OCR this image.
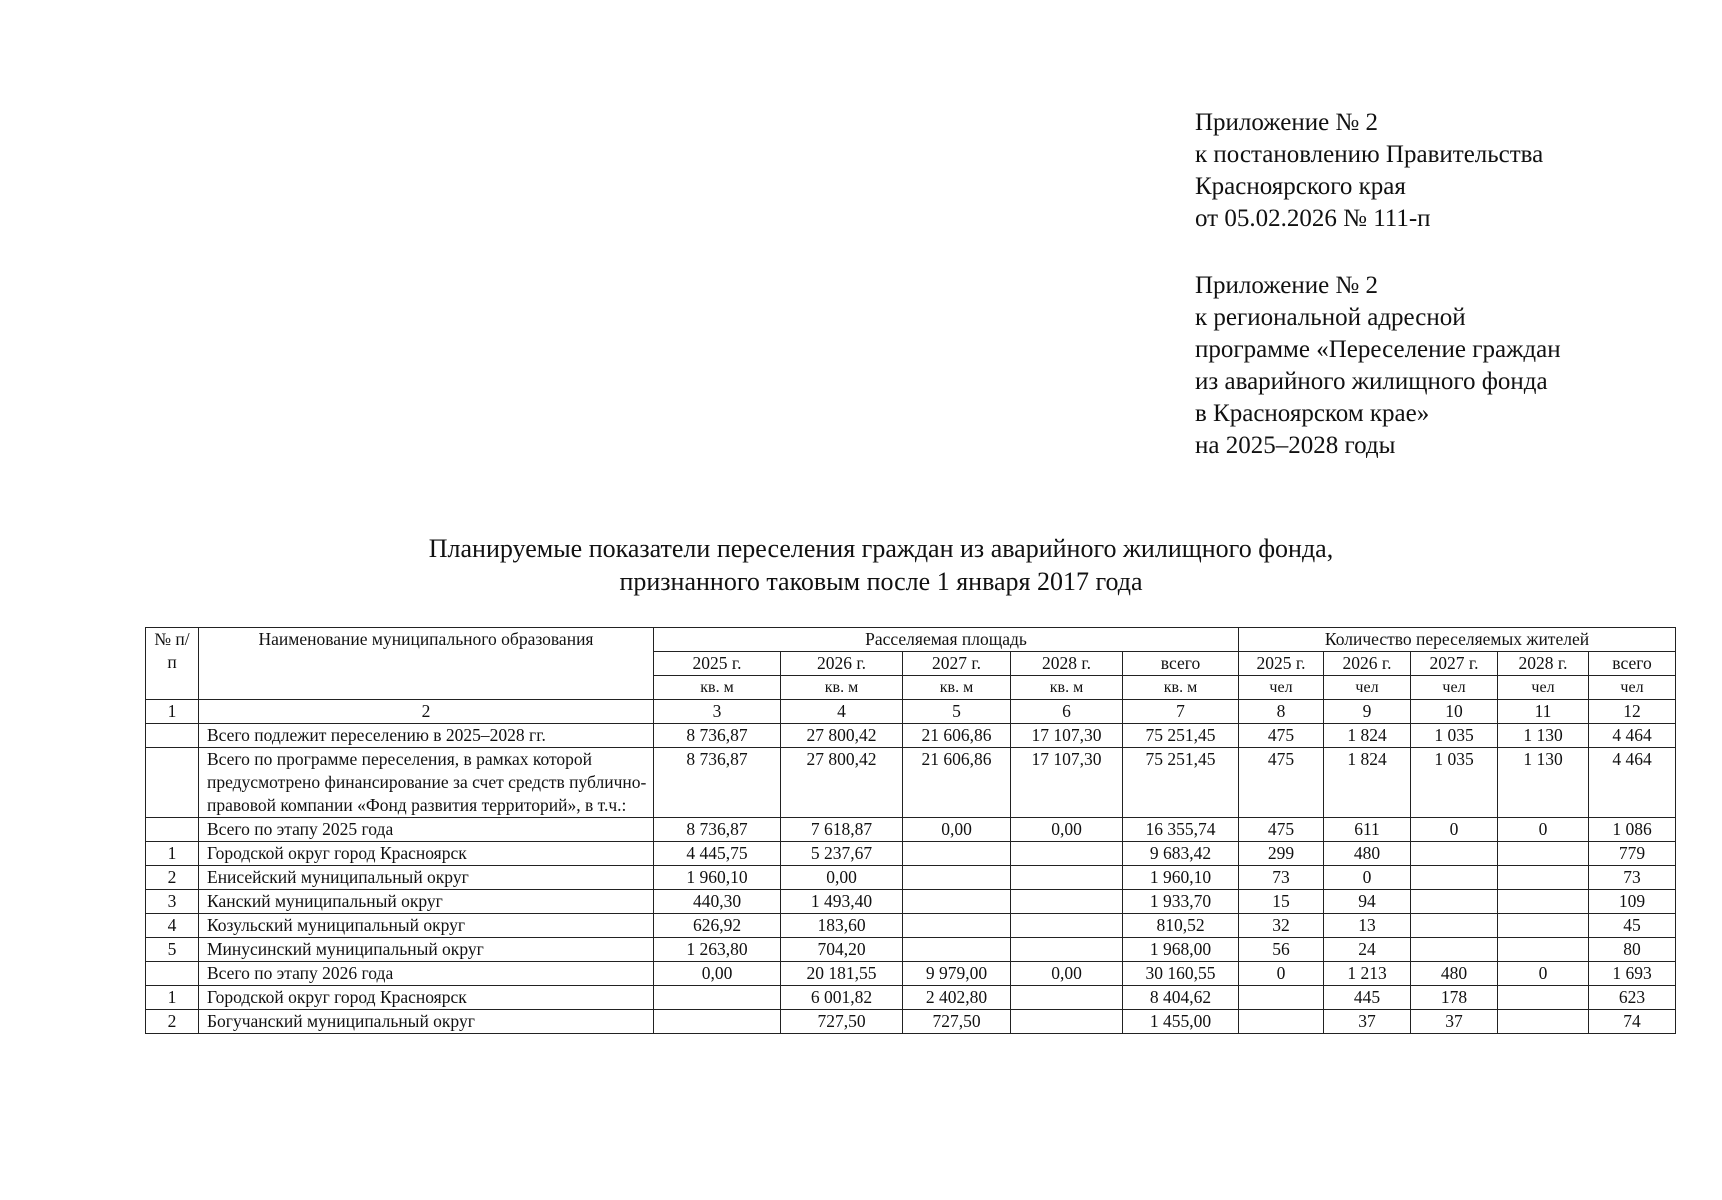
Приложение № 2
к постановлению Правительства
Красноярского края
от 05.02.2026 № 111-п
Приложение № 2
к региональной адресной
программе «Переселение граждан
из аварийного жилищного фонда
в Красноярском крае»
на 2025–2028 годы
Планируемые показатели переселения граждан из аварийного жилищного фонда,
признанного таковым после 1 января 2017 года
№ п/п	Наименование муниципального образования	Расселяемая площадь					Количество переселяемых жителей				
		2025 г.	2026 г.	2027 г.	2028 г.	всего	2025 г.	2026 г.	2027 г.	2028 г.	всего
		кв. м	кв. м	кв. м	кв. м	кв. м	чел	чел	чел	чел	чел
1	2	3	4	5	6	7	8	9	10	11	12
	Всего подлежит переселению в 2025–2028 гг.	8 736,87	27 800,42	21 606,86	17 107,30	75 251,45	475	1 824	1 035	1 130	4 464
	Всего по программе переселения, в рамках которой предусмотрено финансирование за счет средств публично-правовой компании «Фонд развития территорий», в т.ч.:	8 736,87	27 800,42	21 606,86	17 107,30	75 251,45	475	1 824	1 035	1 130	4 464
	Всего по этапу 2025 года	8 736,87	7 618,87	0,00	0,00	16 355,74	475	611	0	0	1 086
1	Городской округ город Красноярск	4 445,75	5 237,67			9 683,42	299	480			779
2	Енисейский муниципальный округ	1 960,10	0,00			1 960,10	73	0			73
3	Канский муниципальный округ	440,30	1 493,40			1 933,70	15	94			109
4	Козульский муниципальный округ	626,92	183,60			810,52	32	13			45
5	Минусинский муниципальный округ	1 263,80	704,20			1 968,00	56	24			80
	Всего по этапу 2026 года	0,00	20 181,55	9 979,00	0,00	30 160,55	0	1 213	480	0	1 693
1	Городской округ город Красноярск		6 001,82	2 402,80		8 404,62		445	178		623
2	Богучанский муниципальный округ		727,50	727,50		1 455,00		37	37		74
